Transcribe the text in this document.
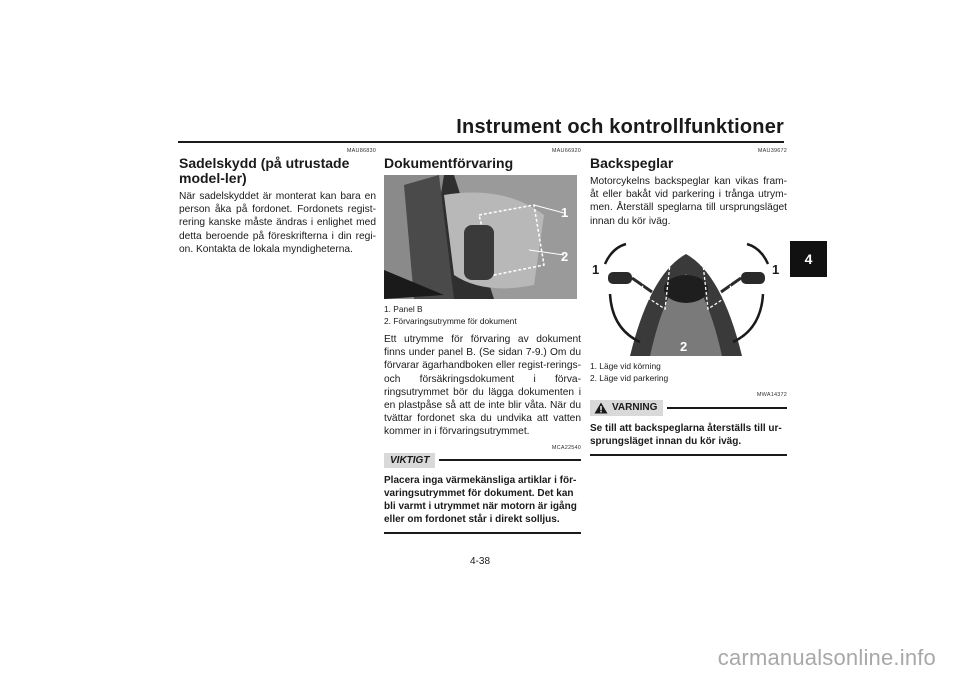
Instrument och kontrollfunktioner
4
MAU86830
Sadelskydd (på utrustade model-ler)

När sadelskyddet är monterat kan bara en person åka på fordonet. Fordonets regist-rering kanske måste ändras i enlighet med detta beroende på föreskrifterna i din regi-on. Kontakta de lokala myndigheterna.

MAU66920
Dokumentförvaring
1
2

1. Panel B

2. Förvaringsutrymme för dokument

Ett utrymme för förvaring av dokument finns under panel B. (Se sidan 7-9.) Om du förvarar ägarhandboken eller regist-rerings- och försäkringsdokument i förva-ringsutrymmet bör du lägga dokumenten i en plastpåse så att de inte blir våta. När du tvättar fordonet ska du undvika att vatten kommer in i förvaringsutrymmet.

MCA22540
VIKTIGT

Placera inga värmekänsliga artiklar i för-varingsutrymmet för dokument. Det kan bli varmt i utrymmet när motorn är igång eller om fordonet står i direkt solljus.

MAU39672
Backspeglar

Motorcykelns backspeglar kan vikas fram-åt eller bakåt vid parkering i trånga utrym-men. Återställ speglarna till ursprungsläget innan du kör iväg.

2
1	1
2

1. Läge vid körning

2. Läge vid parkering

MWA14372
VARNING

Se till att backspeglarna återställs till ur-sprungsläget innan du kör iväg.

4-38
carmanualsonline.info
